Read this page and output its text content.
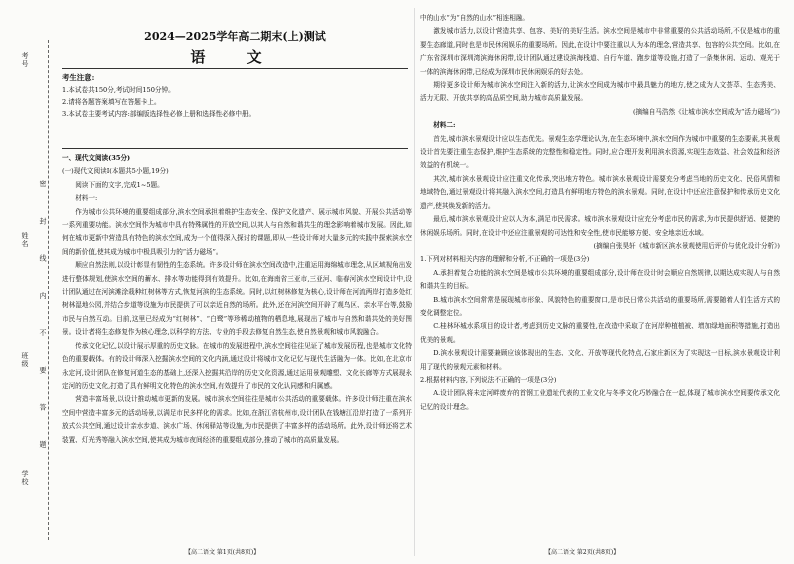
考号
姓名
班级
学校
密 封 线 内 不 要 答 题
2024—2025学年高二期末(上)测试
语 文
考生注意:
1.本试卷共150分,考试时间150分钟。
2.请将各题答案填写在答题卡上。
3.本试卷主要考试内容:部编版选择性必修上册和选择性必修中册。
一、现代文阅读(35分)
(一)现代文阅读Ⅰ(本题共5小题,19分)
阅读下面的文字,完成1~5题。
材料一:

作为城市公共环境的重要组成部分,滨水空间承担着维护生态安全、保护文化遗产、展示城市风貌、开展公共活动等一系列重要功能。滨水空间作为城市中具有特殊属性的开放空间,以其人与自然和谐共生的理念影响着城市发展。因此,如何在城市更新中营造具有特色的滨水空间,成为一个值得深入探讨的课题,即从一些设计师对大量多元的实践中探索滨水空间的新价值,使其成为城市中极具吸引力的“活力磁场”。

顺应自然法则,以设计彰显有韧性的生态系统。许多设计师在滨水空间改造中,注重运用海绵城市理念,从区域视角出发进行整体规划,使滨水空间的蓄水、排水等功能得到有效提升。比如,在海南省三亚市,三亚河、临春河滨水空间设计中,设计团队通过在河滨滩涂栽种红树林等方式,恢复河滨的生态系统。同时,以红树林修复为核心,设计师在河流两岸打造多处红树林湿地公园,并结合步道等设施为市民提供了可以亲近自然的场所。此外,还在河滨空间开辟了观鸟区、亲水平台等,鼓励市民与自然互动。目前,这里已经成为“红树林”、“白鹭”等珍稀动植物的栖息地,展现出了城市与自然和谐共处的美好图景。设计者将生态修复作为核心理念,以科学的方法、专业的手段去修复自然生态,使自然景观和城市风貌融合。

传承文化记忆,以设计展示厚重的历史文脉。在城市的发展进程中,滨水空间往往见证了城市发展历程,也是城市文化特色的重要载体。有的设计师深入挖掘滨水空间的文化内涵,通过设计将城市文化记忆与现代生活融为一体。比如,在北京市永定河,设计团队在修复河道生态的基础上,还深入挖掘其沿岸的历史文化资源,通过运用景观雕塑、文化长廊等方式展现永定河的历史文化,打造了具有鲜明文化特色的滨水空间,有效提升了市民的文化认同感和归属感。

营造丰富场景,以设计推动城市更新的发展。城市滨水空间往往是城市公共活动的重要载体。许多设计师注重在滨水空间中营造丰富多元的活动场景,以满足市民多样化的需求。比如,在浙江省杭州市,设计团队在钱塘江沿岸打造了一系列开放式公共空间,通过设计亲水步道、滨水广场、休闲驿站等设施,为市民提供了丰富多样的活动场所。此外,设计师还将艺术装置、灯光秀等融入滨水空间,使其成为城市夜间经济的重要组成部分,推动了城市的高质量发展。

中的山水“为“自然的山水”相连相融。

激发城市活力,以设计营造共享、包容、美好的美好生活。滨水空间是城市中非常重要的公共活动场所,不仅是城市的重要生态廊道,同时也是市民休闲娱乐的重要场所。因此,在设计中要注重以人为本的理念,营造共享、包容的公共空间。比如,在广东省深圳市深圳湾滨海休闲带,设计团队通过建设滨海栈道、自行车道、跑步道等设施,打造了一条集休闲、运动、观光于一体的滨海休闲带,已经成为深圳市民休闲娱乐的好去处。

期待更多设计师为城市滨水空间注入新的活力,让滨水空间成为城市中最具魅力的地方,使之成为人文荟萃、生态秀美、活力无限、开放共享的高品质空间,助力城市高质量发展。

(摘编自马浩然《让城市滨水空间成为“活力磁场”》)
材料二:

首先,城市滨水景观设计应以生态优先。景观生态学理论认为,在生态环境中,滨水空间作为城市中重要的生态要素,其景观设计首先要注重生态保护,维护生态系统的完整性和稳定性。同时,应合理开发利用滨水资源,实现生态效益、社会效益和经济效益的有机统一。

其次,城市滨水景观设计应注重文化传承,突出地方特色。城市滨水景观设计需要充分考虑当地的历史文化、民俗风情和地域特色,通过景观设计将其融入滨水空间,打造具有鲜明地方特色的滨水景观。同时,在设计中还应注意保护和传承历史文化遗产,使其焕发新的活力。

最后,城市滨水景观设计应以人为本,满足市民需求。城市滨水景观设计应充分考虑市民的需求,为市民提供舒适、便捷的休闲娱乐场所。同时,在设计中还应注重景观的可达性和安全性,使市民能够方便、安全地亲近水域。

(摘编自张昊轩《城市新区滨水景观使用后评价与优化设计分析》)
1.下列对材料相关内容的理解和分析,不正确的一项是(3分)
A.承担着复合功能的滨水空间是城市公共环境的重要组成部分,设计师在设计时会顺应自然规律,以期达成实现人与自然和谐共生的目标。
B.城市滨水空间常常是展现城市形象、风貌特色的重要窗口,是市民日常公共活动的重要场所,需要随着人们生活方式的变化调整定位。
C.桂林环城水系项目的设计者,考虑到历史文脉的重要性,在改造中采取了在河岸种植植被、增加绿地面积等措施,打造出优美的景观。
D.滨水景观设计需要兼顾应该体现出的生态、文化、开放等现代化特点,石家庄新区为了实现这一目标,滨水景观设计利用了现代的景观元素和材料。
2.根据材料内容,下列说法不正确的一项是(3分)
A.设计团队将未定河畔废弃的首钢工业遗址代表的工业文化与冬季文化巧妙融合在一起,体现了城市滨水空间要传承文化记忆的设计理念。
【高二语文 第1页(共8页)】	【高二语文 第2页(共8页)】
